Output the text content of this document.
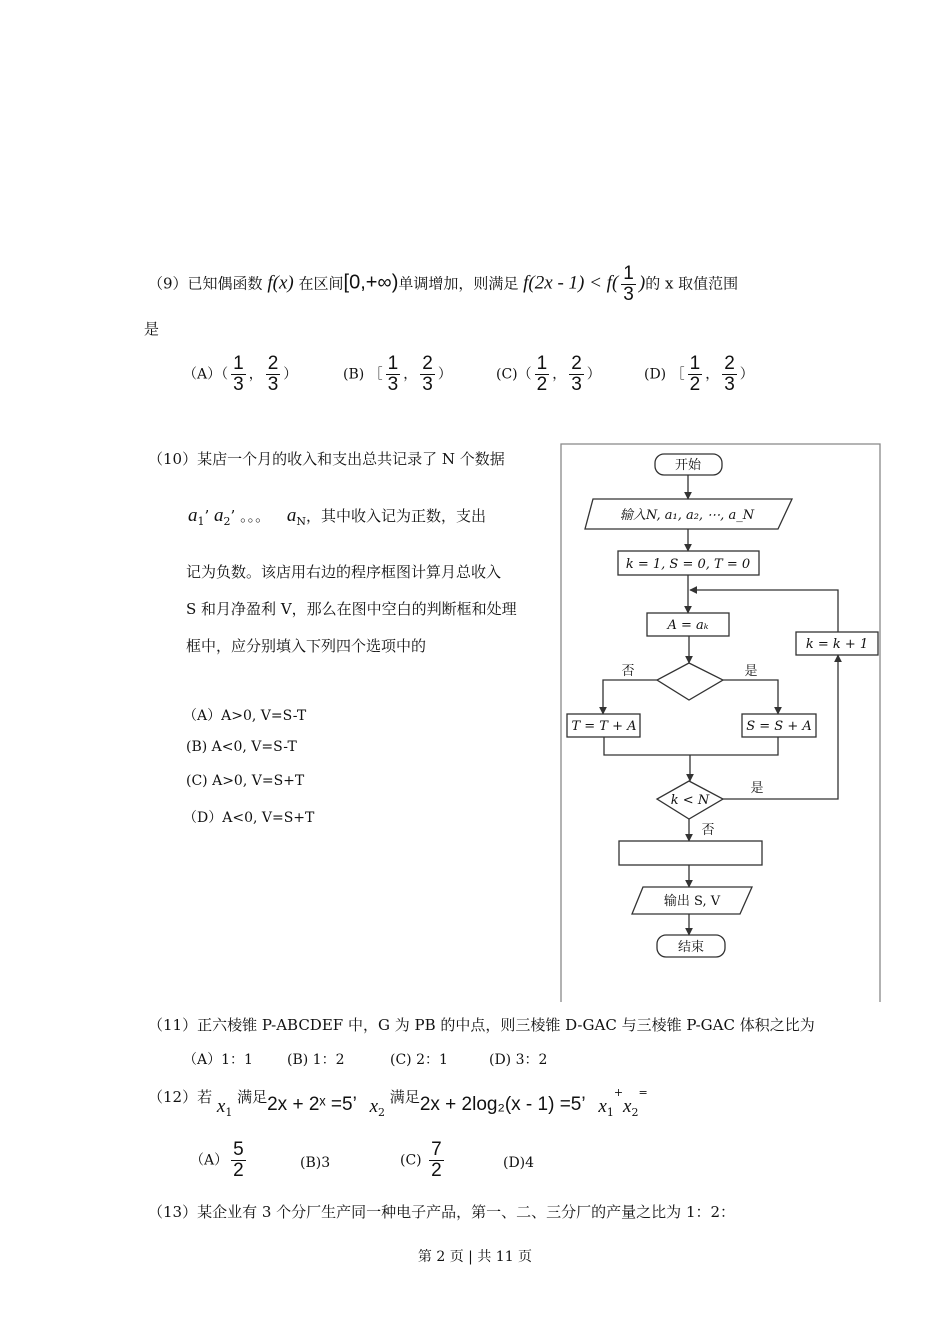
（9）已知偶函数 f(x) 在区间[0,+∞)单调增加，则满足 $f(2x - 1) < f( \frac{1}{3}$ )的 x 取值范围
是
$(A)( \frac{1}{3}$ ， $\frac{2}{3}$ ）	(B) ［ $\frac{1}{3}$ ， $\frac{2}{3}$ ）	$(C)( \frac{1}{2}$ ， $\frac{2}{3}$ ）	(D) ［ $\frac{1}{2}$ ， $\frac{2}{3}$ ）
（10）某店一个月的收入和支出总共记录了 N 个数据
$a_1$’ $a_2$’ 。。。 $a_N$，其中收入记为正数，支出
记为负数。该店用右边的程序框图计算月总收入
S 和月净盈利 V，那么在图中空白的判断框和处理
框中，应分别填入下列四个选项中的
（A）A>0, V=S-T
(B) A<0, V=S-T
(C) A>0, V=S+T
（D）A<0, V=S+T
开始
输入N, a₁, a₂, ⋯, a_N
k = 1, S = 0, T = 0
A = aₖ
否	是
T = T + A	S = S + A
k < N
是
否
k = k + 1
输出 S, V
结束
（11）正六棱锥 P-ABCDEF 中，G 为 PB 的中点，则三棱锥 D-GAC 与三棱锥 P-GAC 体积之比为
（A）1：1 (B) 1：2	(C) 2：1	(D) 3：2
（12）若 $x_1$ 满足2x + 2ˣ =5’ $x_2$ 满足2x + 2log₂(x - 1) =5’ $x_1^+x_2^=$
$(A) \frac{5}{2}$	(B)3	$(C) \frac{7}{2}$	(D)4
（13）某企业有 3 个分厂生产同一种电子产品，第一、二、三分厂的产量之比为 1：2：
第 2 页 | 共 11 页
